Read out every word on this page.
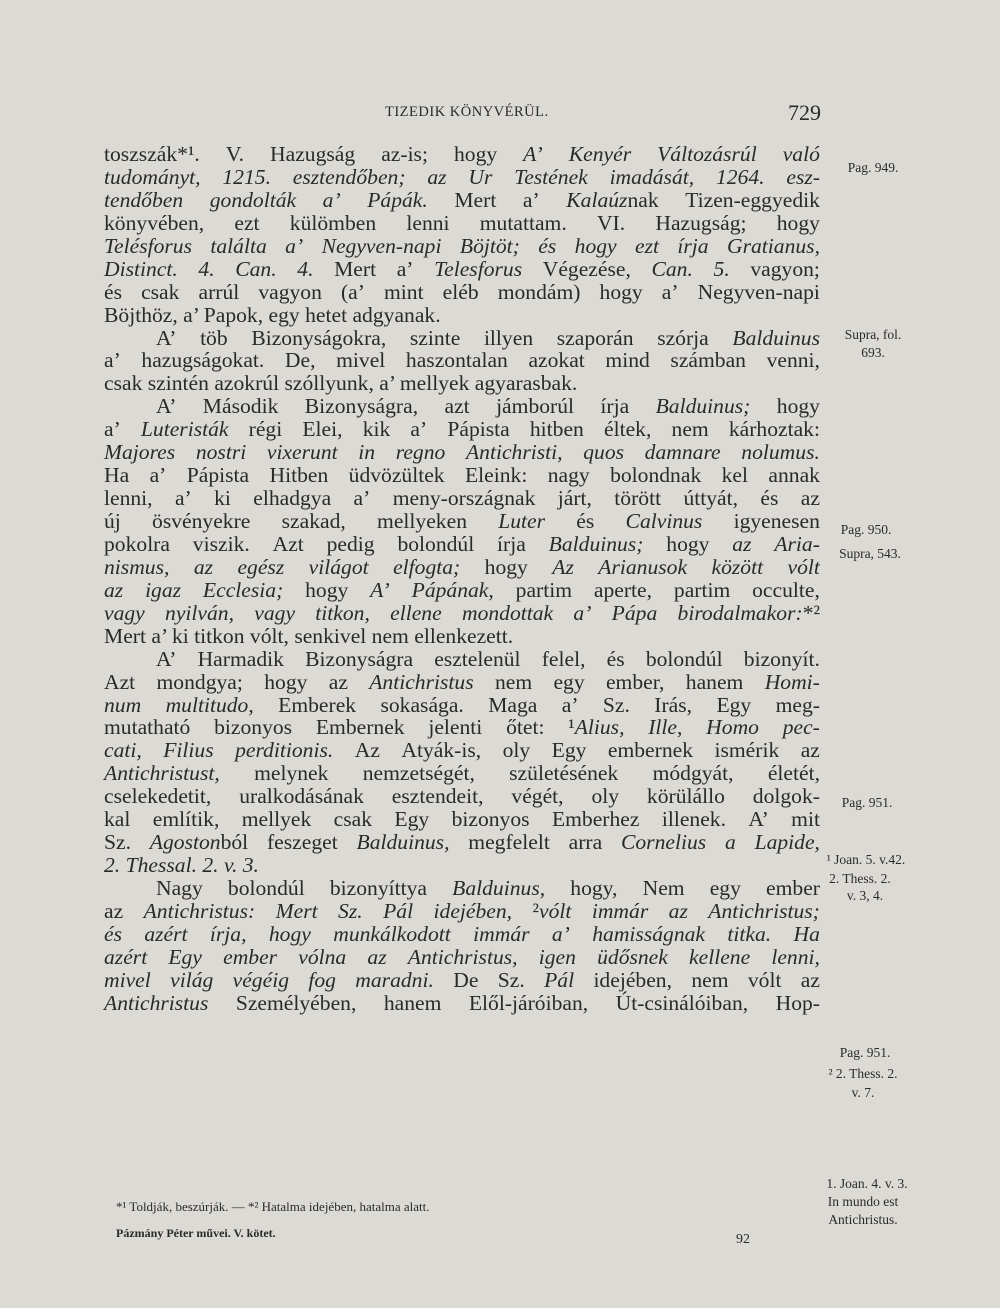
TIZEDIK KÖNYVÉRÜL.	729
toszszák*¹. V. Hazugság az-is; hogy A’ Kenyér Változásrúl való
tudományt, 1215. esztendőben; az Ur Testének imadását, 1264. esz-
tendőben gondolták a’ Pápák. Mert a’ Kalaúznak Tizen-eggyedik
könyvében, ezt külömben lenni mutattam. VI. Hazugság; hogy
Telésforus találta a’ Negyven-napi Böjtöt; és hogy ezt írja Gratianus,
Distinct. 4. Can. 4. Mert a’ Telesforus Végezése, Can. 5. vagyon;
és csak arrúl vagyon (a’ mint eléb mondám) hogy a’ Negyven-napi
Böjthöz, a’ Papok, egy hetet adgyanak.
A’ töb Bizonyságokra, szinte illyen szaporán szórja Balduinus
a’ hazugságokat. De, mivel haszontalan azokat mind számban venni,
csak szintén azokrúl szóllyunk, a’ mellyek agyarasbak.
A’ Második Bizonyságra, azt jámborúl írja Balduinus; hogy
a’ Luteristák régi Elei, kik a’ Pápista hitben éltek, nem kárhoztak:
Majores nostri vixerunt in regno Antichristi, quos damnare nolumus.
Ha a’ Pápista Hitben üdvözültek Eleink: nagy bolondnak kel annak
lenni, a’ ki elhadgya a’ meny-országnak járt, törött úttyát, és az
új ösvényekre szakad, mellyeken Luter és Calvinus igyenesen
pokolra viszik. Azt pedig bolondúl írja Balduinus; hogy az Aria-
nismus, az egész világot elfogta; hogy Az Arianusok között vólt
az igaz Ecclesia; hogy A’ Pápának, partim aperte, partim occulte,
vagy nyilván, vagy titkon, ellene mondottak a’ Pápa birodalmakor:*²
Mert a’ ki titkon vólt, senkivel nem ellenkezett.
A’ Harmadik Bizonyságra esztelenül felel, és bolondúl bizonyít.
Azt mondgya; hogy az Antichristus nem egy ember, hanem Homi-
num multitudo, Emberek sokasága. Maga a’ Sz. Irás, Egy meg-
mutatható bizonyos Embernek jelenti őtet: ¹Alius, Ille, Homo pec-
cati, Filius perditionis. Az Atyák-is, oly Egy embernek ismérik az
Antichristust, melynek nemzetségét, születésének módgyát, életét,
cselekedetit, uralkodásának esztendeit, végét, oly körülállo dolgok-
kal említik, mellyek csak Egy bizonyos Emberhez illenek. A’ mit
Sz. Agostonból feszeget Balduinus, megfelelt arra Cornelius a Lapide,
2. Thessal. 2. v. 3.
Nagy bolondúl bizonyíttya Balduinus, hogy, Nem egy ember
az Antichristus: Mert Sz. Pál idejében, ²vólt immár az Antichristus;
és azért írja, hogy munkálkodott immár a’ hamisságnak titka. Ha
azért Egy ember vólna az Antichristus, igen üdősnek kellene lenni,
mivel világ végéig fog maradni. De Sz. Pál idejében, nem vólt az
Antichristus Személyében, hanem Elől-járóiban, Út-csinálóiban, Hop-
Pag. 949.
Supra, fol.
693.
Pag. 950.
Supra, 543.
Pag. 951.
¹ Joan. 5. v.42.
2. Thess. 2.
v. 3, 4.
Pag. 951.
² 2. Thess. 2.
v. 7.
1. Joan. 4. v. 3.
In mundo est
Antichristus.
*¹ Toldják, beszúrják. — *² Hatalma idejében, hatalma alatt.
Pázmány Péter művei. V. kötet.	92
